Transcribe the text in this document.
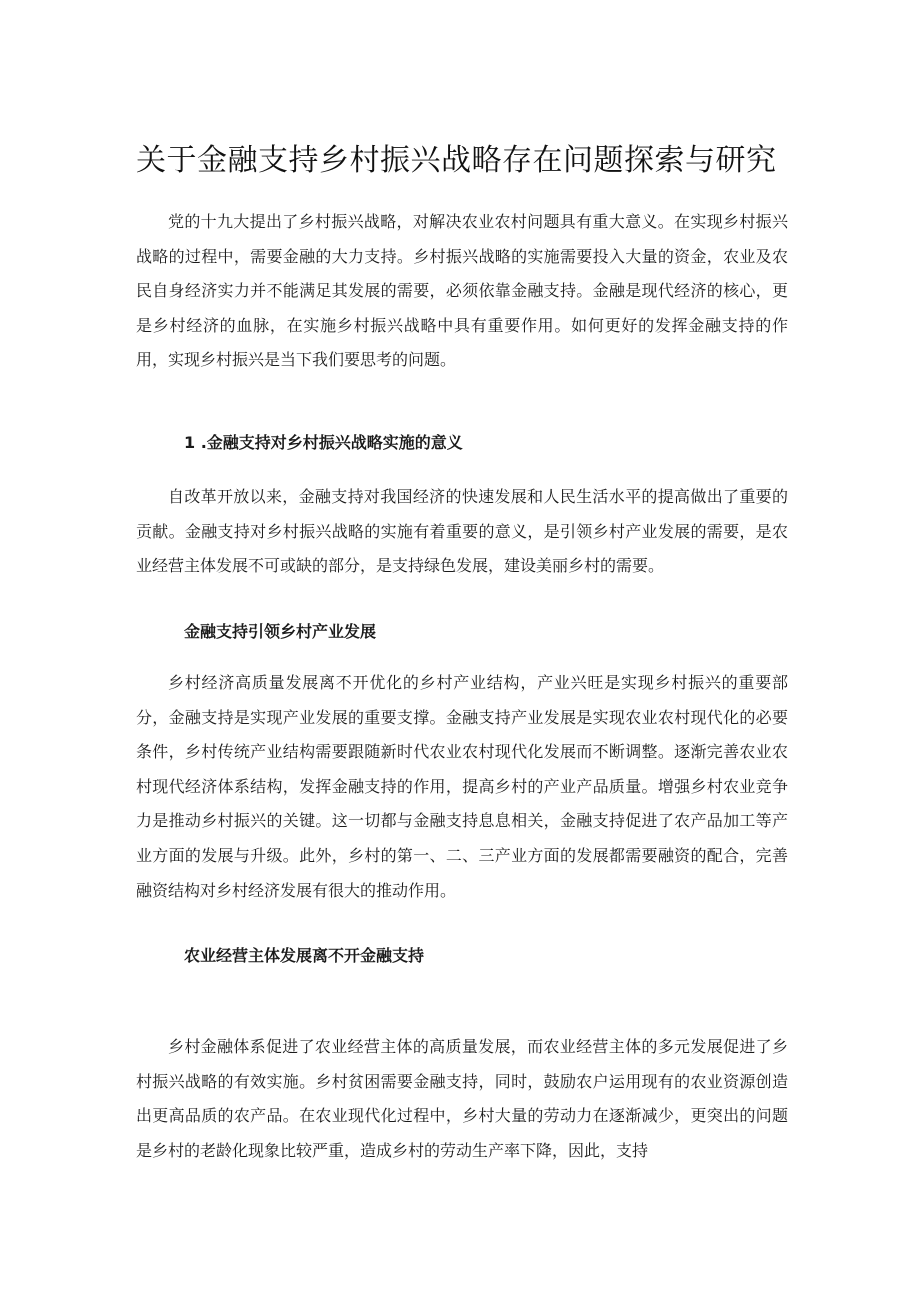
关于金融支持乡村振兴战略存在问题探索与研究

党的十九大提出了乡村振兴战略，对解决农业农村问题具有重大意义。在实现乡村振兴战略的过程中，需要金融的大力支持。乡村振兴战略的实施需要投入大量的资金，农业及农民自身经济实力并不能满足其发展的需要，必须依靠金融支持。金融是现代经济的核心，更是乡村经济的血脉，在实施乡村振兴战略中具有重要作用。如何更好的发挥金融支持的作用，实现乡村振兴是当下我们要思考的问题。

1 .金融支持对乡村振兴战略实施的意义

自改革开放以来，金融支持对我国经济的快速发展和人民生活水平的提高做出了重要的贡献。金融支持对乡村振兴战略的实施有着重要的意义，是引领乡村产业发展的需要，是农业经营主体发展不可或缺的部分，是支持绿色发展，建设美丽乡村的需要。

金融支持引领乡村产业发展

乡村经济高质量发展离不开优化的乡村产业结构，产业兴旺是实现乡村振兴的重要部分，金融支持是实现产业发展的重要支撑。金融支持产业发展是实现农业农村现代化的必要条件，乡村传统产业结构需要跟随新时代农业农村现代化发展而不断调整。逐渐完善农业农村现代经济体系结构，发挥金融支持的作用，提高乡村的产业产品质量。增强乡村农业竞争力是推动乡村振兴的关键。这一切都与金融支持息息相关，金融支持促进了农产品加工等产业方面的发展与升级。此外，乡村的第一、二、三产业方面的发展都需要融资的配合，完善融资结构对乡村经济发展有很大的推动作用。

农业经营主体发展离不开金融支持

乡村金融体系促进了农业经营主体的高质量发展，而农业经营主体的多元发展促进了乡村振兴战略的有效实施。乡村贫困需要金融支持，同时，鼓励农户运用现有的农业资源创造出更高品质的农产品。在农业现代化过程中，乡村大量的劳动力在逐渐减少，更突出的问题是乡村的老龄化现象比较严重，造成乡村的劳动生产率下降，因此，支持
